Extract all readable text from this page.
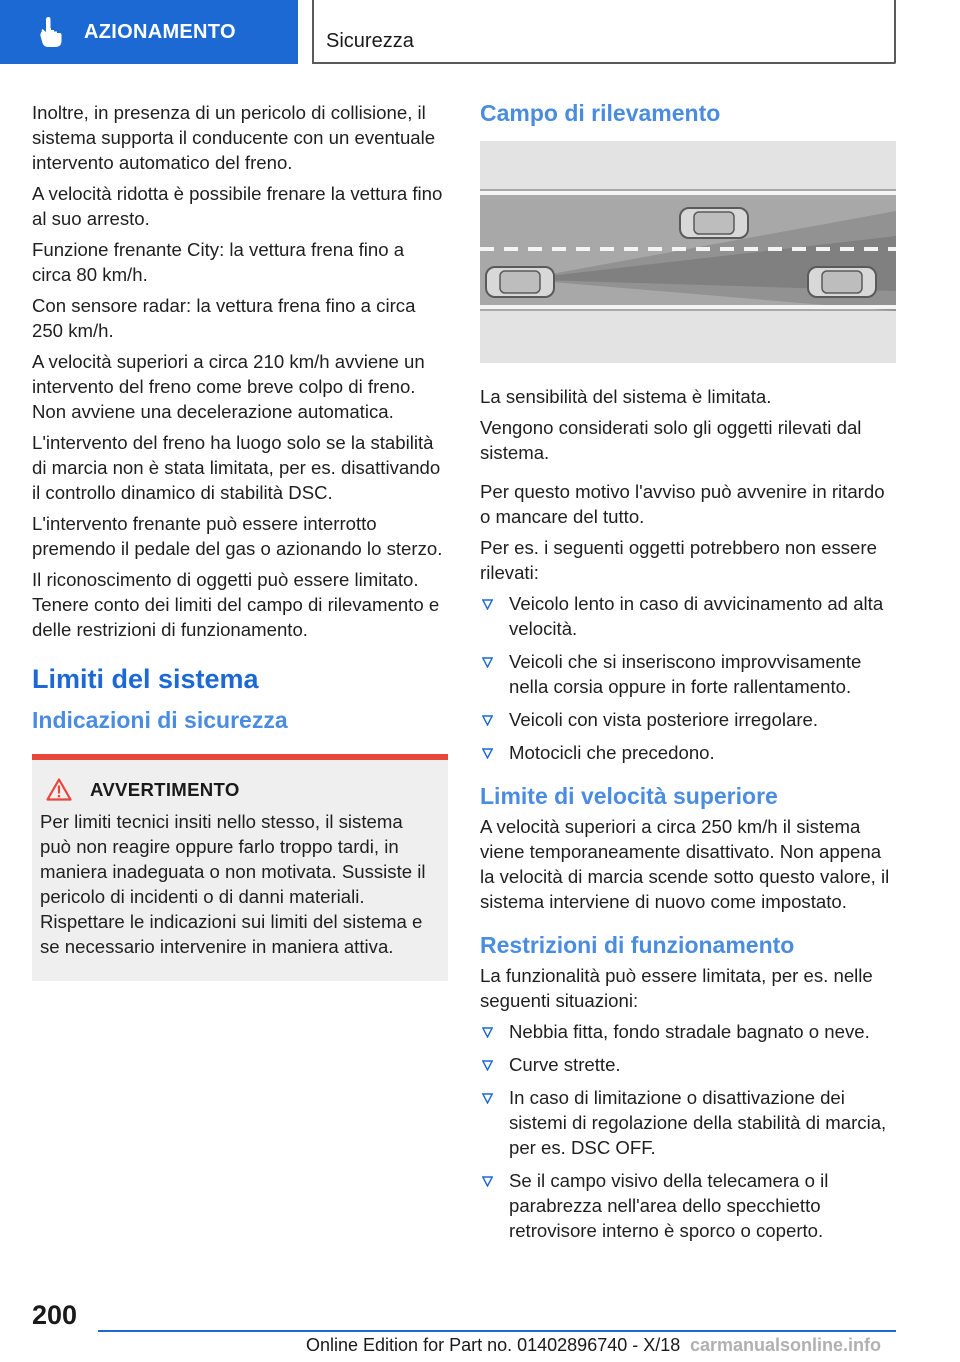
AZIONAMENTO	Sicurezza

Inoltre, in presenza di un pericolo di collisione, il sistema supporta il conducente con un eventuale intervento automatico del freno.

A velocità ridotta è possibile frenare la vettura fino al suo arresto.

Funzione frenante City: la vettura frena fino a circa 80 km/h.

Con sensore radar: la vettura frena fino a circa 250 km/h.

A velocità superiori a circa 210 km/h avviene un intervento del freno come breve colpo di freno. Non avviene una decelerazione automatica.

L'intervento del freno ha luogo solo se la stabilità di marcia non è stata limitata, per es. disattivando il controllo dinamico di stabilità DSC.

L'intervento frenante può essere interrotto premendo il pedale del gas o azionando lo sterzo.

Il riconoscimento di oggetti può essere limitato. Tenere conto dei limiti del campo di rilevamento e delle restrizioni di funzionamento.

Limiti del sistema
Indicazioni di sicurezza
AVVERTIMENTO

Per limiti tecnici insiti nello stesso, il sistema può non reagire oppure farlo troppo tardi, in maniera inadeguata o non motivata. Sussiste il pericolo di incidenti o di danni materiali. Rispettare le indicazioni sui limiti del sistema e se necessario intervenire in maniera attiva.

Campo di rilevamento

La sensibilità del sistema è limitata.

Vengono considerati solo gli oggetti rilevati dal sistema.

Per questo motivo l'avviso può avvenire in ritardo o mancare del tutto.

Per es. i seguenti oggetti potrebbero non essere rilevati:

Veicolo lento in caso di avvicinamento ad alta velocità.
Veicoli che si inseriscono improvvisamente nella corsia oppure in forte rallentamento.
Veicoli con vista posteriore irregolare.
Motocicli che precedono.
Limite di velocità superiore

A velocità superiori a circa 250 km/h il sistema viene temporaneamente disattivato. Non appena la velocità di marcia scende sotto questo valore, il sistema interviene di nuovo come impostato.

Restrizioni di funzionamento

La funzionalità può essere limitata, per es. nelle seguenti situazioni:

Nebbia fitta, fondo stradale bagnato o neve.
Curve strette.
In caso di limitazione o disattivazione dei sistemi di regolazione della stabilità di marcia, per es. DSC OFF.
Se il campo visivo della telecamera o il parabrezza nell'area dello specchietto retrovisore interno è sporco o coperto.
200
Online Edition for Part no. 01402896740 - X/18 carmanualsonline.info
